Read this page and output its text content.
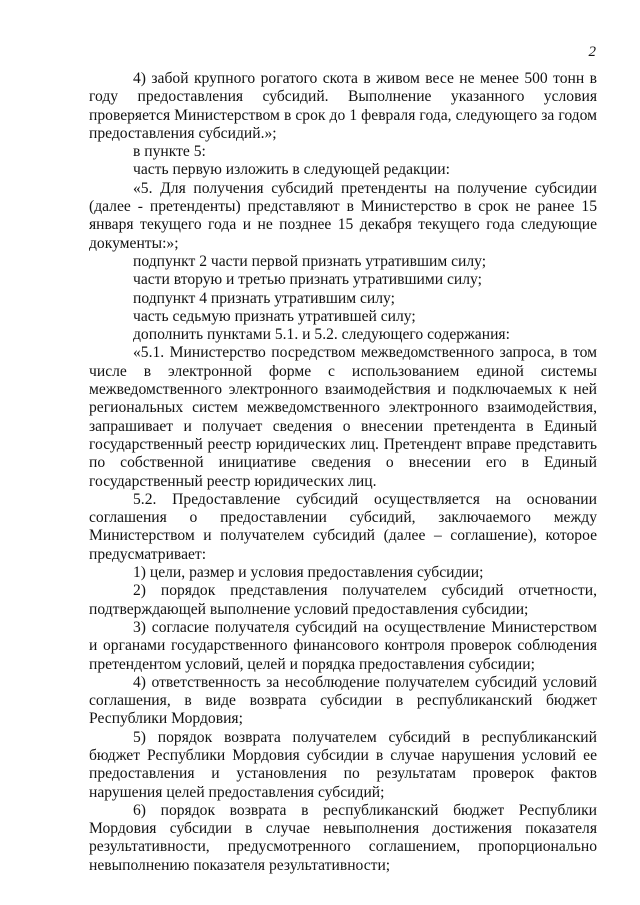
2

4) забой крупного рогатого скота в живом весе не менее 500 тонн в году предоставления субсидий. Выполнение указанного условия проверяется Министерством в срок до 1 февраля года, следующего за годом предоставления субсидий.»;

в пункте 5:

часть первую изложить в следующей редакции:

«5. Для получения субсидий претенденты на получение субсидии (далее - претенденты) представляют в Министерство в срок не ранее 15 января текущего года и не позднее 15 декабря текущего года следующие документы:»;

подпункт 2 части первой признать утратившим силу;

части вторую и третью признать утратившими силу;

подпункт 4 признать утратившим силу;

часть седьмую признать утратившей силу;

дополнить пунктами 5.1. и 5.2. следующего содержания:

«5.1. Министерство посредством межведомственного запроса, в том числе в электронной форме с использованием единой системы межведомственного электронного взаимодействия и подключаемых к ней региональных систем межведомственного электронного взаимодействия, запрашивает и получает сведения о внесении претендента в Единый государственный реестр юридических лиц. Претендент вправе представить по собственной инициативе сведения о внесении его в Единый государственный реестр юридических лиц.

5.2. Предоставление субсидий осуществляется на основании соглашения о предоставлении субсидий, заключаемого между Министерством и получателем субсидий (далее – соглашение), которое предусматривает:

1) цели, размер и условия предоставления субсидии;

2) порядок представления получателем субсидий отчетности, подтверждающей выполнение условий предоставления субсидии;

3) согласие получателя субсидий на осуществление Министерством и органами государственного финансового контроля проверок соблюдения претендентом условий, целей и порядка предоставления субсидии;

4) ответственность за несоблюдение получателем субсидий условий соглашения, в виде возврата субсидии в республиканский бюджет Республики Мордовия;

5) порядок возврата получателем субсидий в республиканский бюджет Республики Мордовия субсидии в случае нарушения условий ее предоставления и установления по результатам проверок фактов нарушения целей предоставления субсидий;

6) порядок возврата в республиканский бюджет Республики Мордовия субсидии в случае невыполнения достижения показателя результативности, предусмотренного соглашением, пропорционально невыполнению показателя результативности;
